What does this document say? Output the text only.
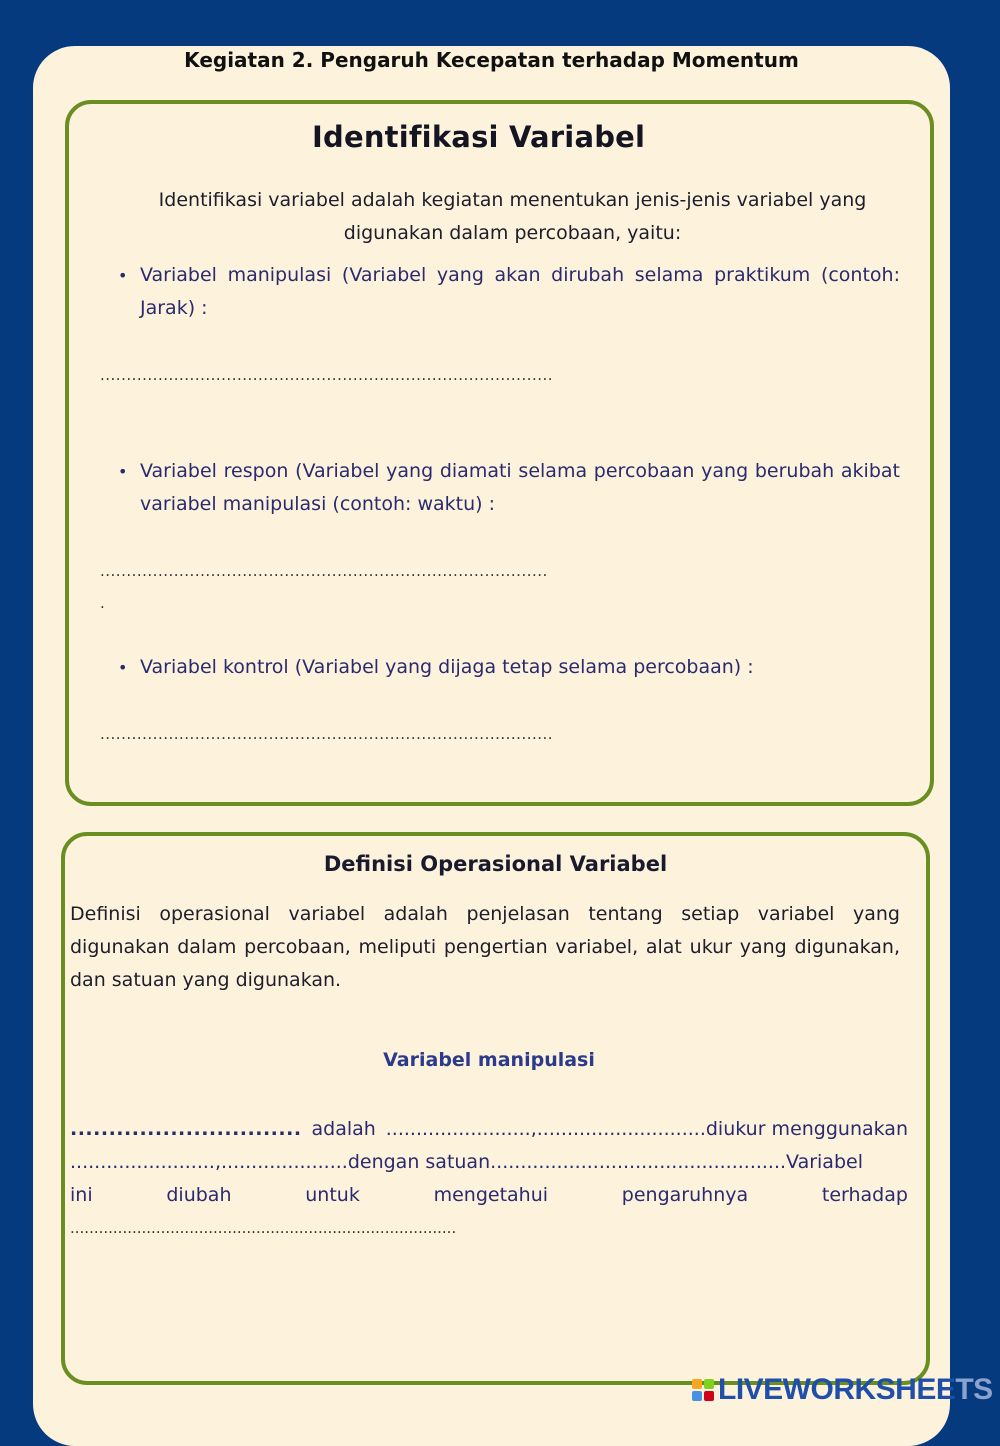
Kegiatan 2. Pengaruh Kecepatan terhadap Momentum
Identifikasi Variabel
Identifikasi variabel adalah kegiatan menentukan jenis-jenis variabel yang digunakan dalam percobaan, yaitu:
• Variabel manipulasi (Variabel yang akan dirubah selama praktikum (contoh: Jarak) :
• Variabel respon (Variabel yang diamati selama percobaan yang berubah akibat variabel manipulasi (contoh: waktu) :
• Variabel kontrol (Variabel yang dijaga tetap selama percobaan) :
......................................................................................
.....................................................................................
.
......................................................................................
Definisi Operasional Variabel
Definisi operasional variabel adalah penjelasan tentang setiap variabel yang digunakan dalam percobaan, meliputi pengertian variabel, alat ukur yang digunakan, dan satuan yang digunakan.
Variabel manipulasi
.............................. adalah ........................,............................diukur menggunakan
........................,.....................dengan satuan.................................................Variabel
ini	diubah	untuk	mengetahui	pengaruhnya	terhadap
.................................................................................
LIVEWORKSHEETS
